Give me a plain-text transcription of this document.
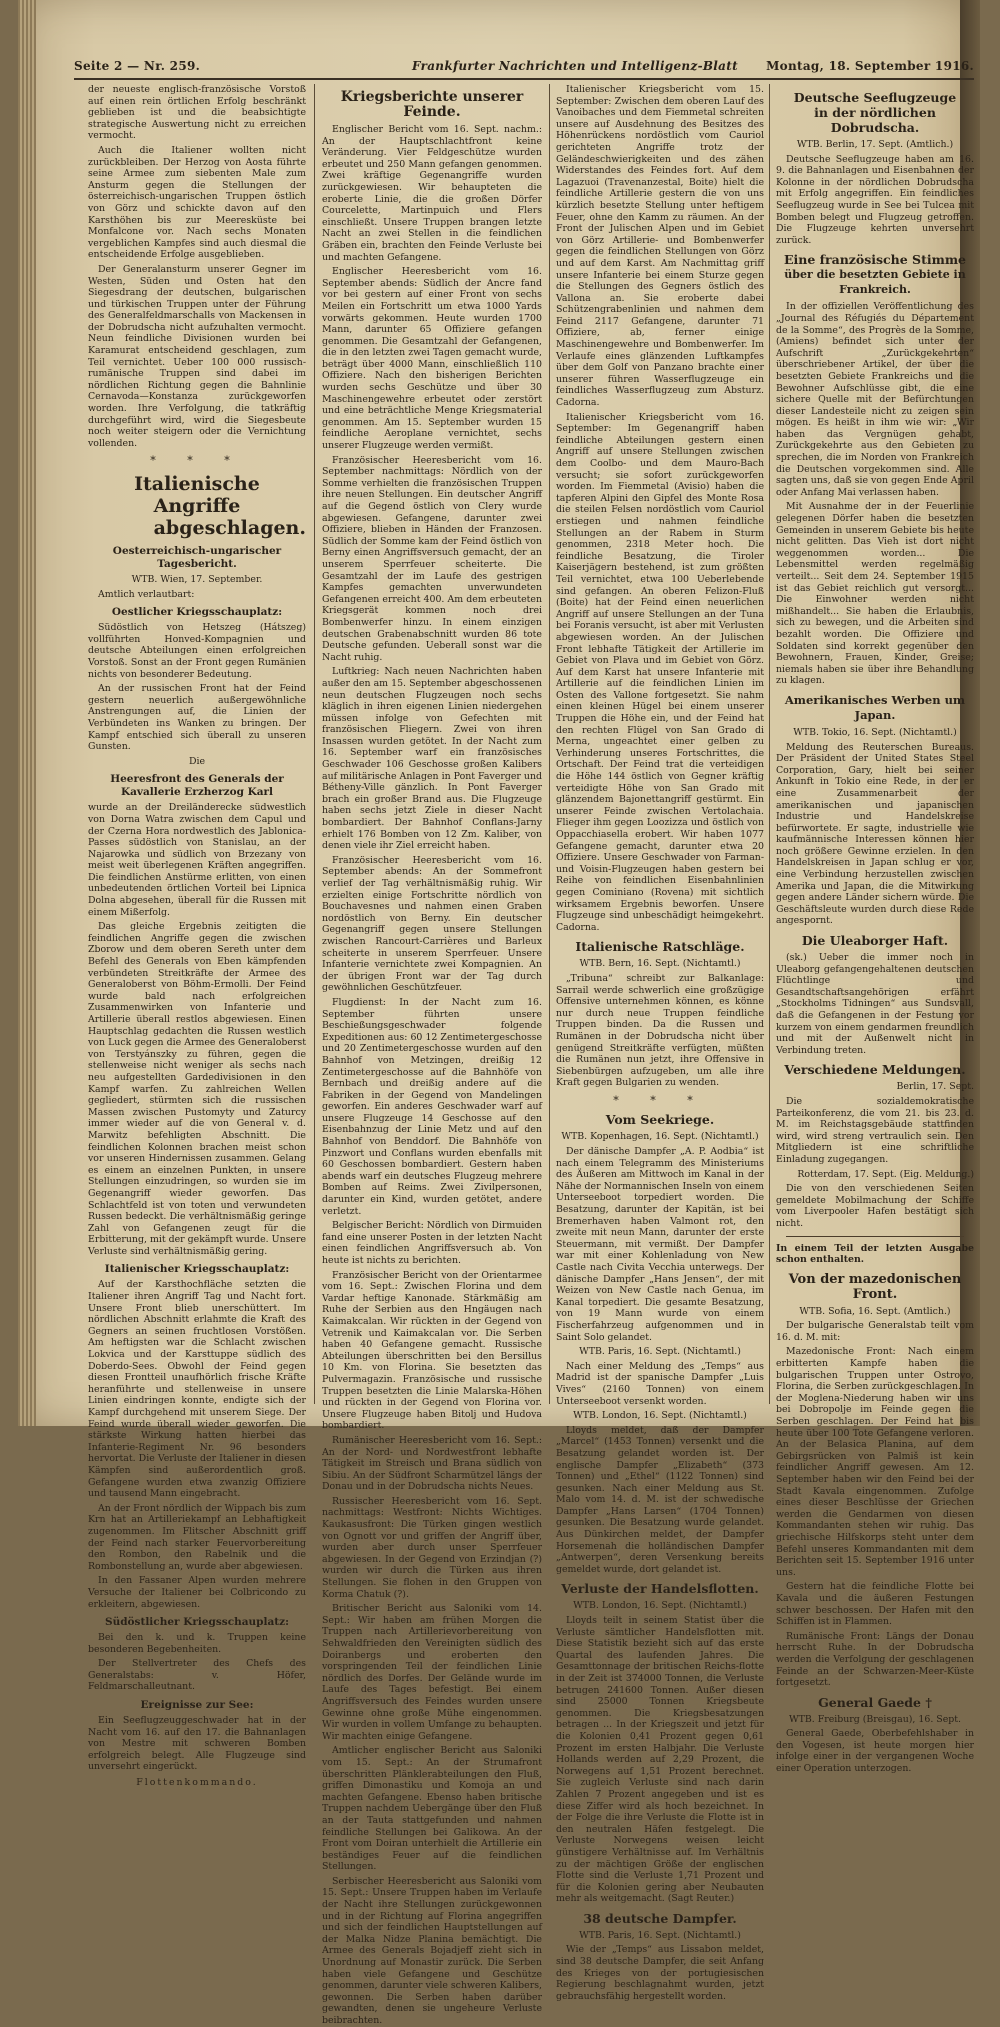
Seite 2 — Nr. 259.	Frankfurter Nachrichten und Intelligenz-Blatt Montag, 18. September 1916.

der neueste englisch-französische Vorstoß auf einen rein örtlichen Erfolg beschränkt geblieben ist und die beabsichtigte strategische Auswertung nicht zu erreichen vermocht.

Auch die Italiener wollten nicht zurückbleiben. Der Herzog von Aosta führte seine Armee zum siebenten Male zum Ansturm gegen die Stellungen der österreichisch-ungarischen Truppen östlich von Görz und schickte davon auf den Karsthöhen bis zur Meeresküste bei Monfalcone vor. Nach sechs Monaten vergeblichen Kampfes sind auch diesmal die entscheidende Erfolge ausgeblieben.

Der Generalansturm unserer Gegner im Westen, Süden und Osten hat den Siegesdrang der deutschen, bulgarischen und türkischen Truppen unter der Führung des Generalfeldmarschalls von Mackensen in der Dobrudscha nicht aufzuhalten vermocht. Neun feindliche Divisionen wurden bei Karamurat entscheidend geschlagen, zum Teil vernichtet. Ueber 100 000 russisch-rumänische Truppen sind dabei im nördlichen Richtung gegen die Bahnlinie Cernavoda—Konstanza zurückgeworfen worden. Ihre Verfolgung, die tatkräftig durchgeführt wird, wird die Siegesbeute noch weiter steigern oder die Vernichtung vollenden.

* * *
Italienische Angriffe
abgeschlagen.
Oesterreichisch-ungarischer Tagesbericht.
WTB. Wien, 17. September.

Amtlich verlautbart:

Oestlicher Kriegsschauplatz:

Südöstlich von Hetszeg (Hátszeg) vollführten Honved-Kompagnien und deutsche Abteilungen einen erfolgreichen Vorstoß. Sonst an der Front gegen Rumänien nichts von besonderer Bedeutung.

An der russischen Front hat der Feind gestern neuerlich außergewöhnliche Anstrengungen auf, die Linien der Verbündeten ins Wanken zu bringen. Der Kampf entschied sich überall zu unseren Gunsten.

Die
Heeresfront des Generals der Kavallerie Erzherzog Karl

wurde an der Dreiländerecke südwestlich von Dorna Watra zwischen dem Capul und der Czerna Hora nordwestlich des Jablonica-Passes südöstlich von Stanislau, an der Najarowka und südlich von Brzezany von meist weit überlegenen Kräften angegriffen. Die feindlichen Anstürme erlitten, von einen unbedeutenden örtlichen Vorteil bei Lipnica Dolna abgesehen, überall für die Russen mit einem Mißerfolg.

Das gleiche Ergebnis zeitigten die feindlichen Angriffe gegen die zwischen Zborow und dem oberen Sereth unter dem Befehl des Generals von Eben kämpfenden verbündeten Streitkräfte der Armee des Generaloberst von Böhm-Ermolli. Der Feind wurde bald nach erfolgreichen Zusammenwirken von Infanterie und Artillerie überall restlos abgewiesen. Einen Hauptschlag gedachten die Russen westlich von Luck gegen die Armee des Generaloberst von Terstyánszky zu führen, gegen die stellenweise nicht weniger als sechs nach neu aufgestellten Gardedivisionen in den Kampf warfen. Zu zahlreichen Wellen gegliedert, stürmten sich die russischen Massen zwischen Pustomyty und Zaturcy immer wieder auf die von General v. d. Marwitz befehligten Abschnitt. Die feindlichen Kolonnen brachen meist schon vor unseren Hindernissen zusammen. Gelang es einem an einzelnen Punkten, in unsere Stellungen einzudringen, so wurden sie im Gegenangriff wieder geworfen. Das Schlachtfeld ist von toten und verwundeten Russen bedeckt. Die verhältnismäßig geringe Zahl von Gefangenen zeugt für die Erbitterung, mit der gekämpft wurde. Unsere Verluste sind verhältnismäßig gering.

Italienischer Kriegsschauplatz:

Auf der Karsthochfläche setzten die Italiener ihren Angriff Tag und Nacht fort. Unsere Front blieb unerschüttert. Im nördlichen Abschnitt erlahmte die Kraft des Gegners an seinen fruchtlosen Vorstößen. Am heftigsten war die Schlacht zwischen Lokvica und der Karsttuppe südlich des Doberdo-Sees. Obwohl der Feind gegen diesen Frontteil unaufhörlich frische Kräfte heranführte und stellenweise in unsere Linien eindringen konnte, endigte sich der Kampf durchgehend mit unserem Siege. Der Feind wurde überall wieder geworfen. Die stärkste Wirkung hatten hierbei das Infanterie-Regiment Nr. 96 besonders hervortat. Die Verluste der Italiener in diesen Kämpfen sind außerordentlich groß. Gefangene wurden etwa zwanzig Offiziere und tausend Mann eingebracht.

An der Front nördlich der Wippach bis zum Krn hat an Artilleriekampf an Lebhaftigkeit zugenommen. Im Flitscher Abschnitt griff der Feind nach starker Feuervorbereitung den Rombon, den Rabelnik und die Rombonstellung an, wurde aber abgewiesen.

In den Fassaner Alpen wurden mehrere Versuche der Italiener bei Colbricondo zu erkleitern, abgewiesen.

Südöstlicher Kriegsschauplatz:

Bei den k. und k. Truppen keine besonderen Begebenheiten.

Der Stellvertreter des Chefs des Generalstabs: v. Höfer, Feldmarschalleutnant.

Ereignisse zur See:

Ein Seeflugzeuggeschwader hat in der Nacht vom 16. auf den 17. die Bahnanlagen von Mestre mit schweren Bomben erfolgreich belegt. Alle Flugzeuge sind unversehrt eingerückt.

Flottenkommando.
Kriegsberichte unserer Feinde.

Englischer Bericht vom 16. Sept. nachm.: An der Hauptschlachtfront keine Veränderung. Vier Feldgeschütze wurden erbeutet und 250 Mann gefangen genommen. Zwei kräftige Gegenangriffe wurden zurückgewiesen. Wir behaupteten die eroberte Linie, die die großen Dörfer Courcelette, Martinpuich und Flers einschließt. Unsere Truppen brangen letzte Nacht an zwei Stellen in die feindlichen Gräben ein, brachten den Feinde Verluste bei und machten Gefangene.

Englischer Heeresbericht vom 16. September abends: Südlich der Ancre fand vor bei gestern auf einer Front von sechs Meilen ein Fortschritt um etwa 1000 Yards vorwärts gekommen. Heute wurden 1700 Mann, darunter 65 Offiziere gefangen genommen. Die Gesamtzahl der Gefangenen, die in den letzten zwei Tagen gemacht wurde, beträgt über 4000 Mann, einschließlich 110 Offiziere. Nach den bisherigen Berichten wurden sechs Geschütze und über 30 Maschinengewehre erbeutet oder zerstört und eine beträchtliche Menge Kriegsmaterial genommen. Am 15. September wurden 15 feindliche Aeroplane vernichtet, sechs unserer Flugzeuge werden vermißt.

Französischer Heeresbericht vom 16. September nachmittags: Nördlich von der Somme verhielten die französischen Truppen ihre neuen Stellungen. Ein deutscher Angriff auf die Gegend östlich von Clery wurde abgewiesen. Gefangene, darunter zwei Offiziere, blieben in Händen der Franzosen. Südlich der Somme kam der Feind östlich von Berny einen Angriffsversuch gemacht, der an unserem Sperrfeuer scheiterte. Die Gesamtzahl der im Laufe des gestrigen Kampfes gemachten unverwundeten Gefangenen erreicht 400. Am dem erbeuteten Kriegsgerät kommen noch drei Bombenwerfer hinzu. In einem einzigen deutschen Grabenabschnitt wurden 86 tote Deutsche gefunden. Ueberall sonst war die Nacht ruhig.

Luftkrieg: Nach neuen Nachrichten haben außer den am 15. September abgeschossenen neun deutschen Flugzeugen noch sechs kläglich in ihren eigenen Linien niedergehen müssen infolge von Gefechten mit französischen Fliegern. Zwei von ihren Insassen wurden getötet. In der Nacht zum 16. September warf ein französisches Geschwader 106 Geschosse großen Kalibers auf militärische Anlagen in Pont Faverger und Bétheny-Ville gänzlich. In Pont Faverger brach ein großer Brand aus. Die Flugzeuge haben sechs jetzt Ziele in dieser Nacht bombardiert. Der Bahnhof Conflans-Jarny erhielt 176 Bomben von 12 Zm. Kaliber, von denen viele ihr Ziel erreicht haben.

Französischer Heeresbericht vom 16. September abends: An der Sommefront verlief der Tag verhältnismäßig ruhig. Wir erzielten einige Fortschritte nördlich von Bouchavesnes und nahmen einen Graben nordöstlich von Berny. Ein deutscher Gegenangriff gegen unsere Stellungen zwischen Rancourt-Carrières und Barleux scheiterte in unserem Sperrfeuer. Unsere Infanterie vernichtete zwei Kompagnien. An der übrigen Front war der Tag durch gewöhnlichen Geschützfeuer.

Flugdienst: In der Nacht zum 16. September führten unsere Beschießungsgeschwader folgende Expeditionen aus: 60 12 Zentimetergeschosse und 20 Zentimetergeschosse wurden auf den Bahnhof von Metzingen, dreißig 12 Zentimetergeschosse auf die Bahnhöfe von Bernbach und dreißig andere auf die Fabriken in der Gegend von Mandelingen geworfen. Ein anderes Geschwader warf auf unsere Flugzeuge 14 Geschosse auf den Eisenbahnzug der Linie Metz und auf den Bahnhof von Benddorf. Die Bahnhöfe von Pinzwort und Conflans wurden ebenfalls mit 60 Geschossen bombardiert. Gestern haben abends warf ein deutsches Flugzeug mehrere Bomben auf Reims. Zwei Zivilpersonen, darunter ein Kind, wurden getötet, andere verletzt.

Belgischer Bericht: Nördlich von Dirmuiden fand eine unserer Posten in der letzten Nacht einen feindlichen Angriffsversuch ab. Von heute ist nichts zu berichten.

Französischer Bericht von der Orientarmee vom 16. Sept.: Zwischen Florina und dem Vardar heftige Kanonade. Stärkmäßig am Ruhe der Serbien aus den Hngäugen nach Kaimakcalan. Wir rückten in der Gegend von Vetrenik und Kaimakcalan vor. Die Serben haben 40 Gefangene gemacht. Russische Abteilungen überschritten bei den Bersillus 10 Km. von Florina. Sie besetzten das Pulvermagazin. Französische und russische Truppen besetzten die Linie Malarska-Höhen und rückten in der Gegend von Florina vor. Unsere Flugzeuge haben Bitolj und Hudova bombardiert.

Rumänischer Heeresbericht vom 16. Sept.: An der Nord- und Nordwestfront lebhafte Tätigkeit im Streisch und Brana südlich von Sibiu. An der Südfront Scharmützel längs der Donau und in der Dobrudscha nichts Neues.

Russischer Heeresbericht vom 16. Sept. nachmittags: Westfront: Nichts Wichtiges. Kaukasusfront: Die Türken gingen westlich von Ognott vor und griffen der Angriff über, wurden aber durch unser Sperrfeuer abgewiesen. In der Gegend von Erzindjan (?) wurden wir durch die Türken aus ihren Stellungen. Sie flohen in den Gruppen von Korma Chatuk (?).

Britischer Bericht aus Saloniki vom 14. Sept.: Wir haben am frühen Morgen die Truppen nach Artillerievorbereitung von Sehwaldfrieden den Vereinigten südlich des Doiranbergs und eroberten den vorspringenden Teil der feindlichen Linie nördlich des Dorfes. Der Gelände wurde im Laufe des Tages befestigt. Bei einem Angriffsversuch des Feindes wurden unsere Gewinne ohne große Mühe eingenommen. Wir wurden in vollem Umfange zu behaupten. Wir machten einige Gefangene.

Amtlicher englischer Bericht aus Saloniki vom 15. Sept.: An der Strumafront überschritten Plänklerabteilungen den Fluß, griffen Dimonastiku und Komoja an und machten Gefangene. Ebenso haben britische Truppen nachdem Uebergänge über den Fluß an der Tauta stattgefunden und nahmen feindliche Stellungen bei Galikowa. An der Front vom Doiran unterhielt die Artillerie ein beständiges Feuer auf die feindlichen Stellungen.

Serbischer Heeresbericht aus Saloniki vom 15. Sept.: Unsere Truppen haben im Verlaufe der Nacht ihre Stellungen zurückgewonnen und in der Richtung auf Florina angegriffen und sich der feindlichen Hauptstellungen auf der Malka Nidze Planina bemächtigt. Die Armee des Generals Bojadjeff zieht sich in Unordnung auf Monastir zurück. Die Serben haben viele Gefangene und Geschütze genommen, darunter viele schweren Kalibers, gewonnen. Die Serben haben darüber gewandten, denen sie ungeheure Verluste beibrachten.

Italienischer Kriegsbericht vom 15. September: Zwischen dem oberen Lauf des Vanoibaches und dem Fiemmetal schreiten unsere auf Ausdehnung des Besitzes des Höhenrückens nordöstlich vom Cauriol gerichteten Angriffe trotz der Geländeschwierigkeiten und des zähen Widerstandes des Feindes fort. Auf dem Lagazuoi (Travenanzestal, Boite) hielt die feindliche Artillerie gestern die von uns kürzlich besetzte Stellung unter heftigem Feuer, ohne den Kamm zu räumen. An der Front der Julischen Alpen und im Gebiet von Görz Artillerie- und Bombenwerfer gegen die feindlichen Stellungen von Görz und auf dem Karst. Am Nachmittag griff unsere Infanterie bei einem Sturze gegen die Stellungen des Gegners östlich des Vallona an. Sie eroberte dabei Schützengrabenlinien und nahmen dem Feind 2117 Gefangene, darunter 71 Offiziere, ab, ferner einige Maschinengewehre und Bombenwerfer. Im Verlaufe eines glänzenden Luftkampfes über dem Golf von Panzano brachte einer unserer führen Wasserflugzeuge ein feindliches Wasserflugzeug zum Absturz. Cadorna.

Italienischer Kriegsbericht vom 16. September: Im Gegenangriff haben feindliche Abteilungen gestern einen Angriff auf unsere Stellungen zwischen dem Coolbo- und dem Mauro-Bach versucht; sie sofort zurückgeworfen worden. Im Fiemmetal (Avisio) haben die tapferen Alpini den Gipfel des Monte Rosa die steilen Felsen nordöstlich vom Cauriol erstiegen und nahmen feindliche Stellungen an der Rabem in Sturm genommen, 2318 Meter hoch. Die feindliche Besatzung, die Tiroler Kaiserjägern bestehend, ist zum größten Teil vernichtet, etwa 100 Ueberlebende sind gefangen. An oberen Felizon-Fluß (Boite) hat der Feind einen neuerlichen Angriff auf unsere Stellungen an der Tuna bei Foranis versucht, ist aber mit Verlusten abgewiesen worden. An der Julischen Front lebhafte Tätigkeit der Artillerie im Gebiet von Plava und im Gebiet von Görz. Auf dem Karst hat unsere Infanterie mit Artillerie auf die feindlichen Linien im Osten des Vallone fortgesetzt. Sie nahm einen kleinen Hügel bei einem unserer Truppen die Höhe ein, und der Feind hat den rechten Flügel von San Grado di Merna, ungeachtet einer gelben zu Verhinderung unseres Fortschrittes, die Ortschaft. Der Feind trat die verteidigen die Höhe 144 östlich von Gegner kräftig verteidigte Höhe von San Grado mit glänzendem Bajonettangriff gestürmt. Ein unserer Feinde zwischen Vertolachaia. Flieger ihm gegen Loozizza und östlich von Oppacchiasella erobert. Wir haben 1077 Gefangene gemacht, darunter etwa 20 Offiziere. Unsere Geschwader von Farman- und Voisin-Flugzeugen haben gestern bei Reihe von feindlichen Eisenbahnlinien gegen Cominiano (Rovena) mit sichtlich wirksamem Ergebnis beworfen. Unsere Flugzeuge sind unbeschädigt heimgekehrt. Cadorna.

Italienische Ratschläge.
WTB. Bern, 16. Sept. (Nichtamtl.)

„Tribuna“ schreibt zur Balkanlage: Sarrail werde schwerlich eine großzügige Offensive unternehmen können, es könne nur durch neue Truppen feindliche Truppen binden. Da die Russen und Rumänen in der Dobrudscha nicht über genügend Streitkräfte verfügten, müßten die Rumänen nun jetzt, ihre Offensive in Siebenbürgen aufzugeben, um alle ihre Kraft gegen Bulgarien zu wenden.

* * *
Vom Seekriege.
WTB. Kopenhagen, 16. Sept. (Nichtamtl.)

Der dänische Dampfer „A. P. Aodbia“ ist nach einem Telegramm des Ministeriums des Äußeren am Mittwoch im Kanal in der Nähe der Normannischen Inseln von einem Unterseeboot torpediert worden. Die Besatzung, darunter der Kapitän, ist bei Bremerhaven haben Valmont rot, den zweite mit neun Mann, darunter der erste Steuermann, mit vermißt. Der Dampfer war mit einer Kohlenladung von New Castle nach Civita Vecchia unterwegs. Der dänische Dampfer „Hans Jensen“, der mit Weizen von New Castle nach Genua, im Kanal torpediert. Die gesamte Besatzung, von 19 Mann wurde von einem Fischerfahrzeug aufgenommen und in Saint Solo gelandet.

WTB. Paris, 16. Sept. (Nichtamtl.)

Nach einer Meldung des „Temps“ aus Madrid ist der spanische Dampfer „Luis Vives“ (2160 Tonnen) von einem Unterseeboot versenkt worden.

WTB. London, 16. Sept. (Nichtamtl.)

Lloyds meldet, daß der Dampfer „Marcel“ (1453 Tonnen) versenkt und die Besatzung gelandet worden ist. Der englische Dampfer „Elizabeth“ (373 Tonnen) und „Ethel“ (1122 Tonnen) sind gesunken. Nach einer Meldung aus St. Malo vom 14. d. M. ist der schwedische Dampfer „Hans Larsen“ (1704 Tonnen) gesunken. Die Besatzung wurde gelandet. Aus Dünkirchen meldet, der Dampfer Horsemenah die holländischen Dampfer „Antwerpen“, deren Versenkung bereits gemeldet wurde, dort gelandet ist.

Verluste der Handelsflotten.
WTB. London, 16. Sept. (Nichtamtl.)

Lloyds teilt in seinem Statist über die Verluste sämtlicher Handelsflotten mit. Diese Statistik bezieht sich auf das erste Quartal des laufenden Jahres. Die Gesamttonnage der britischen Reichs-flotte in der Zeit ist 374000 Tonnen, die Verluste betrugen 241600 Tonnen. Außer diesen sind 25000 Tonnen Kriegsbeute genommen. Die Kriegsbesatzungen betragen ... In der Kriegszeit und jetzt für die Kolonien 0,41 Prozent gegen 0,61 Prozent im ersten Halbjahr. Die Verluste Hollands werden auf 2,29 Prozent, die Norwegens auf 1,51 Prozent berechnet. Sie zugleich Verluste sind nach darin Zahlen 7 Prozent angegeben und ist es diese Ziffer wird als hoch bezeichnet. In der Folge die ihre Verluste die Flotte ist in den neutralen Häfen festgelegt. Die Verluste Norwegens weisen leicht günstigere Verhältnisse auf. Im Verhältnis zu der mächtigen Größe der englischen Flotte sind die Verluste 1,71 Prozent und für die Kolonien gering aber Neubauten mehr als weitgemacht. (Sagt Reuter.)

38 deutsche Dampfer.
WTB. Paris, 16. Sept. (Nichtamtl.)

Wie der „Temps“ aus Lissabon meldet, sind 38 deutsche Dampfer, die seit Anfang des Krieges von der portugiesischen Regierung beschlagnahmt wurden, jetzt gebrauchsfähig hergestellt worden.

Deutsche Seeflugzeuge
in der nördlichen Dobrudscha.
WTB. Berlin, 17. Sept. (Amtlich.)

Deutsche Seeflugzeuge haben am 16. 9. die Bahnanlagen und Eisenbahnen der Kolonne in der nördlichen Dobrudscha mit Erfolg angegriffen. Ein feindliches Seeflugzeug wurde in See bei Tulcea mit Bomben belegt und Flugzeug getroffen. Die Flugzeuge kehrten unversehrt zurück.

Eine französische Stimme
über die besetzten Gebiete in Frankreich.

In der offiziellen Veröffentlichung des „Journal des Réfugiés du Département de la Somme“, des Progrès de la Somme, (Amiens) befindet sich unter der Aufschrift „Zurückgekehrten“ überschriebener Artikel, der über die besetzten Gebiete Frankreichs und die Bewohner Aufschlüsse gibt, die eine sichere Quelle mit der Befürchtungen dieser Landesteile nicht zu zeigen sein mögen. Es heißt in ihm wie wir: „Wir haben das Vergnügen gehabt, Zurückgekehrte aus den Gebieten zu sprechen, die im Norden von Frankreich die Deutschen vorgekommen sind. Alle sagten uns, daß sie von gegen Ende April oder Anfang Mai verlassen haben.

Mit Ausnahme der in der Feuerlinie gelegenen Dörfer haben die besetzten Gemeinden in unserem Gebiete bis heute nicht gelitten. Das Vieh ist dort nicht weggenommen worden... Die Lebensmittel werden regelmäßig verteilt... Seit dem 24. September 1915 ist das Gebiet reichlich gut versorgt... Die Einwohner werden nicht mißhandelt... Sie haben die Erlaubnis, sich zu bewegen, und die Arbeiten sind bezahlt worden. Die Offiziere und Soldaten sind korrekt gegenüber den Bewohnern, Frauen, Kinder, Greise; niemals haben sie über ihre Behandlung zu klagen.

Amerikanisches Werben um Japan.
WTB. Tokio, 16. Sept. (Nichtamtl.)

Meldung des Reuterschen Bureaus. Der Präsident der United States Steel Corporation, Gary, hielt bei seiner Ankunft in Tokio eine Rede, in der er eine Zusammenarbeit der amerikanischen und japanischen Industrie und Handelskreise befürwortete. Er sagte, industrielle wie kaufmännische Interessen können hier noch größere Gewinne erzielen. In den Handelskreisen in Japan schlug er vor, eine Verbindung herzustellen zwischen Amerika und Japan, die die Mitwirkung gegen andere Länder sichern würde. Die Geschäftsleute wurden durch diese Rede angespornt.

Die Uleaborger Haft.

(sk.) Ueber die immer noch in Uleaborg gefangengehaltenen deutschen Flüchtlinge und Gesandtschaftsangehörigen erfährt „Stockholms Tidningen“ aus Sundsvall, daß die Gefangenen in der Festung vor kurzem von einem gendarmen freundlich und mit der Außenwelt nicht in Verbindung treten.

Verschiedene Meldungen.
Berlin, 17. Sept.

Die sozialdemokratische Parteikonferenz, die vom 21. bis 23. d. M. im Reichstagsgebäude stattfinden wird, wird streng vertraulich sein. Den Mitgliedern ist eine schriftliche Einladung zugegangen.

Rotterdam, 17. Sept. (Eig. Meldung.)

Die von den verschiedenen Seiten gemeldete Mobilmachung der Schiffe vom Liverpooler Hafen bestätigt sich nicht.

In einem Teil der letzten Ausgabe schon enthalten.

Von der mazedonischen Front.
WTB. Sofia, 16. Sept. (Amtlich.)

Der bulgarische Generalstab teilt vom 16. d. M. mit:

Mazedonische Front: Nach einem erbitterten Kampfe haben die bulgarischen Truppen unter Ostrovo, Florina, die Serben zurückgeschlagen. In der Moglena-Niederung haben wir uns bei Dobropolje im Feinde gegen die Serben geschlagen. Der Feind hat bis heute über 100 Tote Gefangene verloren. An der Belasica Planina, auf dem Gebirgsrücken von Palmiš ist kein feindlicher Angriff gewesen. Am 12. September haben wir den Feind bei der Stadt Kavala eingenommen. Zufolge eines dieser Beschlüsse der Griechen werden die Gendarmen von diesen Kommandanten stehen wir ruhig. Das griechische Hilfskorps steht unter dem Befehl unseres Kommandanten mit dem Berichten seit 15. September 1916 unter uns.

Gestern hat die feindliche Flotte bei Kavala und die äußeren Festungen schwer beschossen. Der Hafen mit den Schiffen ist in Flammen.

Rumänische Front: Längs der Donau herrscht Ruhe. In der Dobrudscha werden die Verfolgung der geschlagenen Feinde an der Schwarzen-Meer-Küste fortgesetzt.

General Gaede †
WTB. Freiburg (Breisgau), 16. Sept.

General Gaede, Oberbefehlshaber in den Vogesen, ist heute morgen hier infolge einer in der vergangenen Woche einer Operation unterzogen.
